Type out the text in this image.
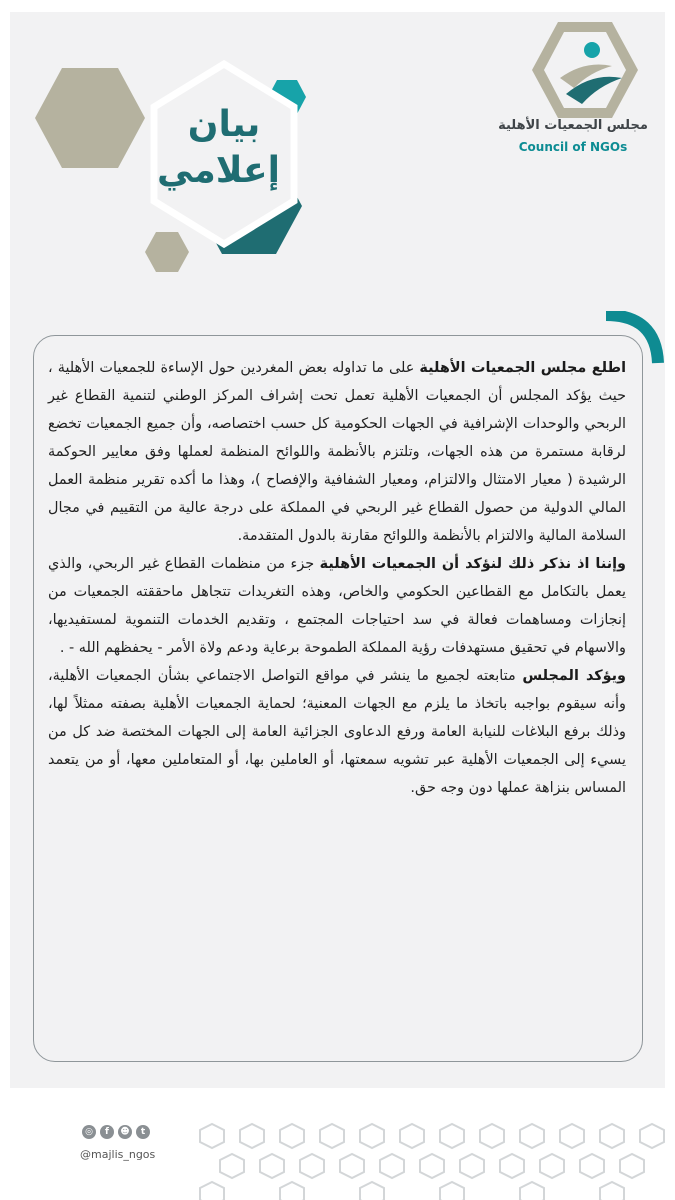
بيان
إعلامي
مجلس الجمعيات الأهلية
Council of NGOs

اطلع مجلس الجمعيات الأهلية على ما تداوله بعض المغردين حول الإساءة للجمعيات الأهلية ، حيث يؤكد المجلس أن الجمعيات الأهلية تعمل تحت إشراف المركز الوطني لتنمية القطاع غير الربحي والوحدات الإشرافية في الجهات الحكومية كل حسب اختصاصه، وأن جميع الجمعيات تخضع لرقابة مستمرة من هذه الجهات، وتلتزم بالأنظمة واللوائح المنظمة لعملها وفق معايير الحوكمة الرشيدة ( معيار الامتثال والالتزام، ومعيار الشفافية والإفصاح )، وهذا ما أكده تقرير منظمة العمل المالي الدولية من حصول القطاع غير الربحي في المملكة على درجة عالية من التقييم في مجال السلامة المالية والالتزام بالأنظمة واللوائح مقارنة بالدول المتقدمة.

وإننا اذ نذكر ذلك لنؤكد أن الجمعيات الأهلية جزء من منظمات القطاع غير الربحي، والذي يعمل بالتكامل مع القطاعين الحكومي والخاص، وهذه التغريدات تتجاهل ماحققته الجمعيات من إنجازات ومساهمات فعالة في سد احتياجات المجتمع ، وتقديم الخدمات التنموية لمستفيديها، والاسهام في تحقيق مستهدفات رؤية المملكة الطموحة برعاية ودعم ولاة الأمر - يحفظهم الله - .

ويؤكد المجلس متابعته لجميع ما ينشر في مواقع التواصل الاجتماعي بشأن الجمعيات الأهلية، وأنه سيقوم بواجبه باتخاذ ما يلزم مع الجهات المعنية؛ لحماية الجمعيات الأهلية بصفته ممثلاً لها، وذلك برفع البلاغات للنيابة العامة ورفع الدعاوى الجزائية العامة إلى الجهات المختصة ضد كل من يسيء إلى الجمعيات الأهلية عبر تشويه سمعتها، أو العاملين بها، أو المتعاملين معها، أو من يتعمد المساس بنزاهة عملها دون وجه حق.

◎	f	☻	t
@majlis_ngos
